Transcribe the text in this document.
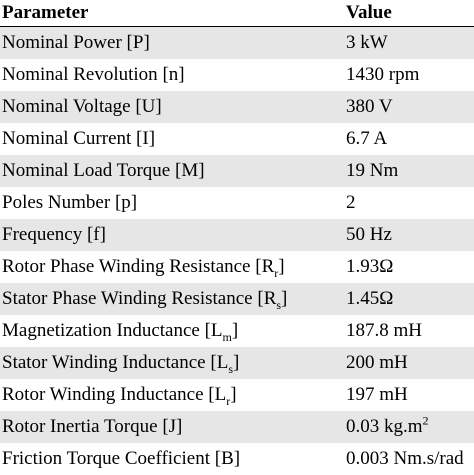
Parameter	Value
Nominal Power [P]	3 kW
Nominal Revolution [n]	1430 rpm
Nominal Voltage [U]	380 V
Nominal Current [I]	6.7 A
Nominal Load Torque [M]	19 Nm
Poles Number [p]	2
Frequency [f]	50 Hz
Rotor Phase Winding Resistance $[R_r]$	1.93Ω
Stator Phase Winding Resistance $[R_s]$	1.45Ω
Magnetization Inductance $[L_m]$	187.8 mH
Stator Winding Inductance $[L_s]$	200 mH
Rotor Winding Inductance $[L_r]$	197 mH
Rotor Inertia Torque [J]	0.03 $kg.m^2$
Friction Torque Coefficient [B]	0.003 Nm.s/rad
